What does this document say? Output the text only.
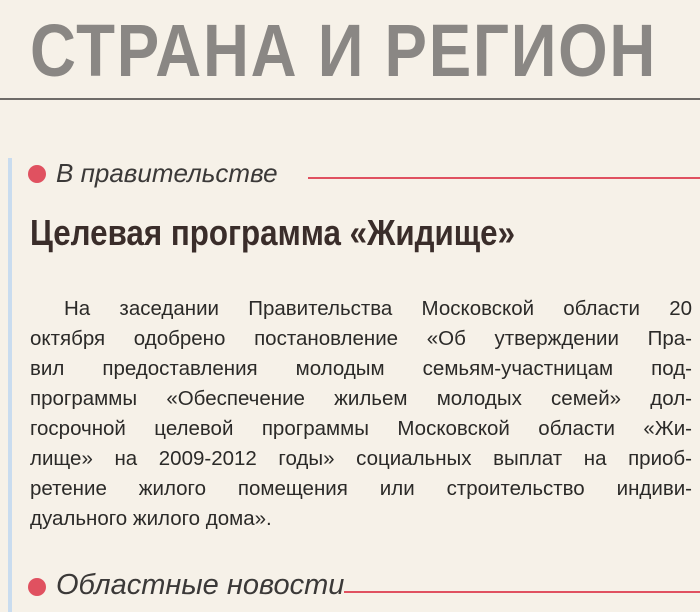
СТРАНА И РЕГИОН
В правительстве
Целевая программа «Жидище»
На заседании Правительства Московской области 20
октября одобрено постановление «Об утверждении Пра-
вил предоставления молодым семьям-участницам под-
программы «Обеспечение жильем молодых семей» дол-
госрочной целевой программы Московской области «Жи-
лище» на 2009-2012 годы» социальных выплат на приоб-
ретение жилого помещения или строительство индиви-
дуального жилого дома».
Областные новости
